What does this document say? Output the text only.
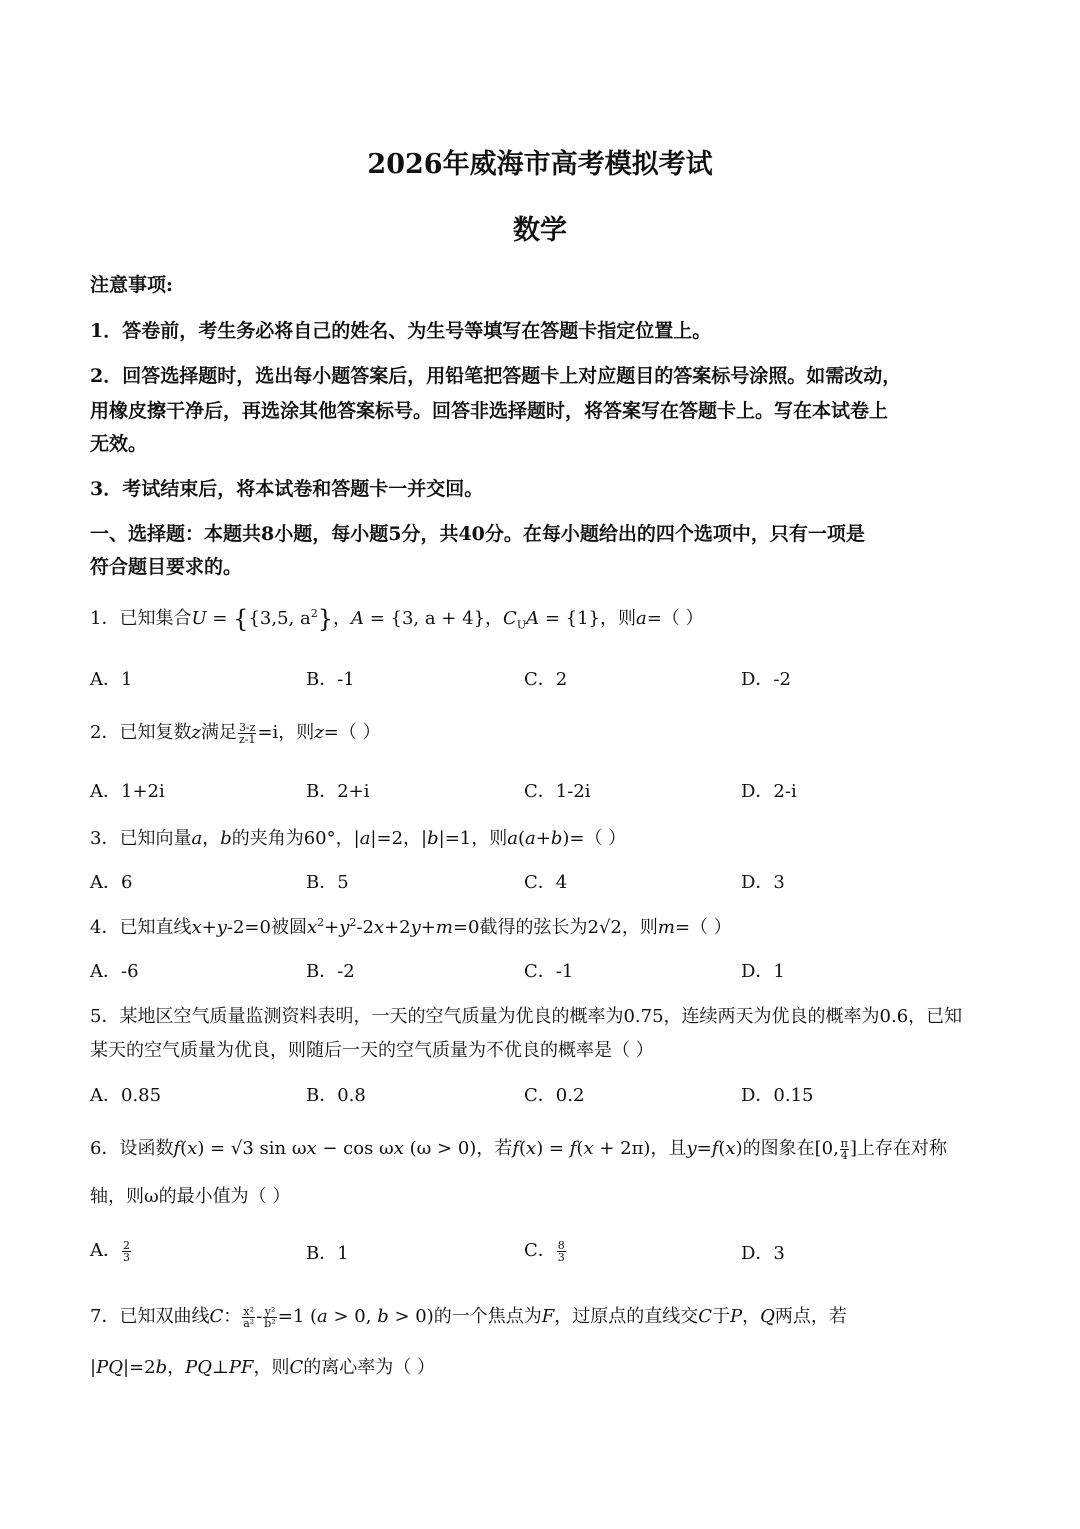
2026年威海市高考模拟考试
数学
注意事项:
1．答卷前，考生务必将自己的姓名、为生号等填写在答题卡指定位置上。
2．回答选择题时，选出每小题答案后，用铅笔把答题卡上对应题目的答案标号涂照。如需改动，
用橡皮擦干净后，再选涂其他答案标号。回答非选择题时，将答案写在答题卡上。写在本试卷上
无效。
3．考试结束后，将本试卷和答题卡一并交回。
一、选择题：本题共8小题，每小题5分，共40分。在每小题给出的四个选项中，只有一项是
符合题目要求的。
1．已知集合U = {{3,5, $a^2$}，A = {3, a + 4}，$C_UA = \{1\}$，则a=（ ）
A．1	B．-1	C．2	D．-2
2．已知复数z满足 $\frac{3-z}{z-1} =i$，则z=（ ）
A．1+2i	B．2+i	C．1-2i	D．2-i
3．已知向量a，b的夹角为60°，|a|=2，|b|=1，则a(a+b)=（ ）
A．6	B．5	C．4	D．3
4．已知直线x+y-2=0被圆$x^2+y^2-2x+2y+m=0$截得的弦长为2√2，则m=（ ）
A．-6	B．-2	C．-1	D．1
5．某地区空气质量监测资料表明，一天的空气质量为优良的概率为0.75，连续两天为优良的概率为0.6，已知
某天的空气质量为优良，则随后一天的空气质量为不优良的概率是（ ）
A．0.85	B．0.8	C．0.2	D．0.15
6．设函数f(x) = √3 sin ωx − cos ωx (ω > 0)，若f(x) = f(x + 2π)，且y=f(x)的图象在[0, $\frac{\pi}{4}$ ]上存在对称
轴，则ω的最小值为（ ）
A． $\frac{2}{3}$	B．1	C． $\frac{8}{3}$	D．3
7．已知双曲线C： $\frac{\text{x²}}{\text{a²}} - \frac{\text{y²}}{\text{b²}} =1$ (a > 0, b > 0)的一个焦点为F，过原点的直线交C于P，Q两点，若
|PQ|=2b，PQ⊥PF，则C的离心率为（ ）
